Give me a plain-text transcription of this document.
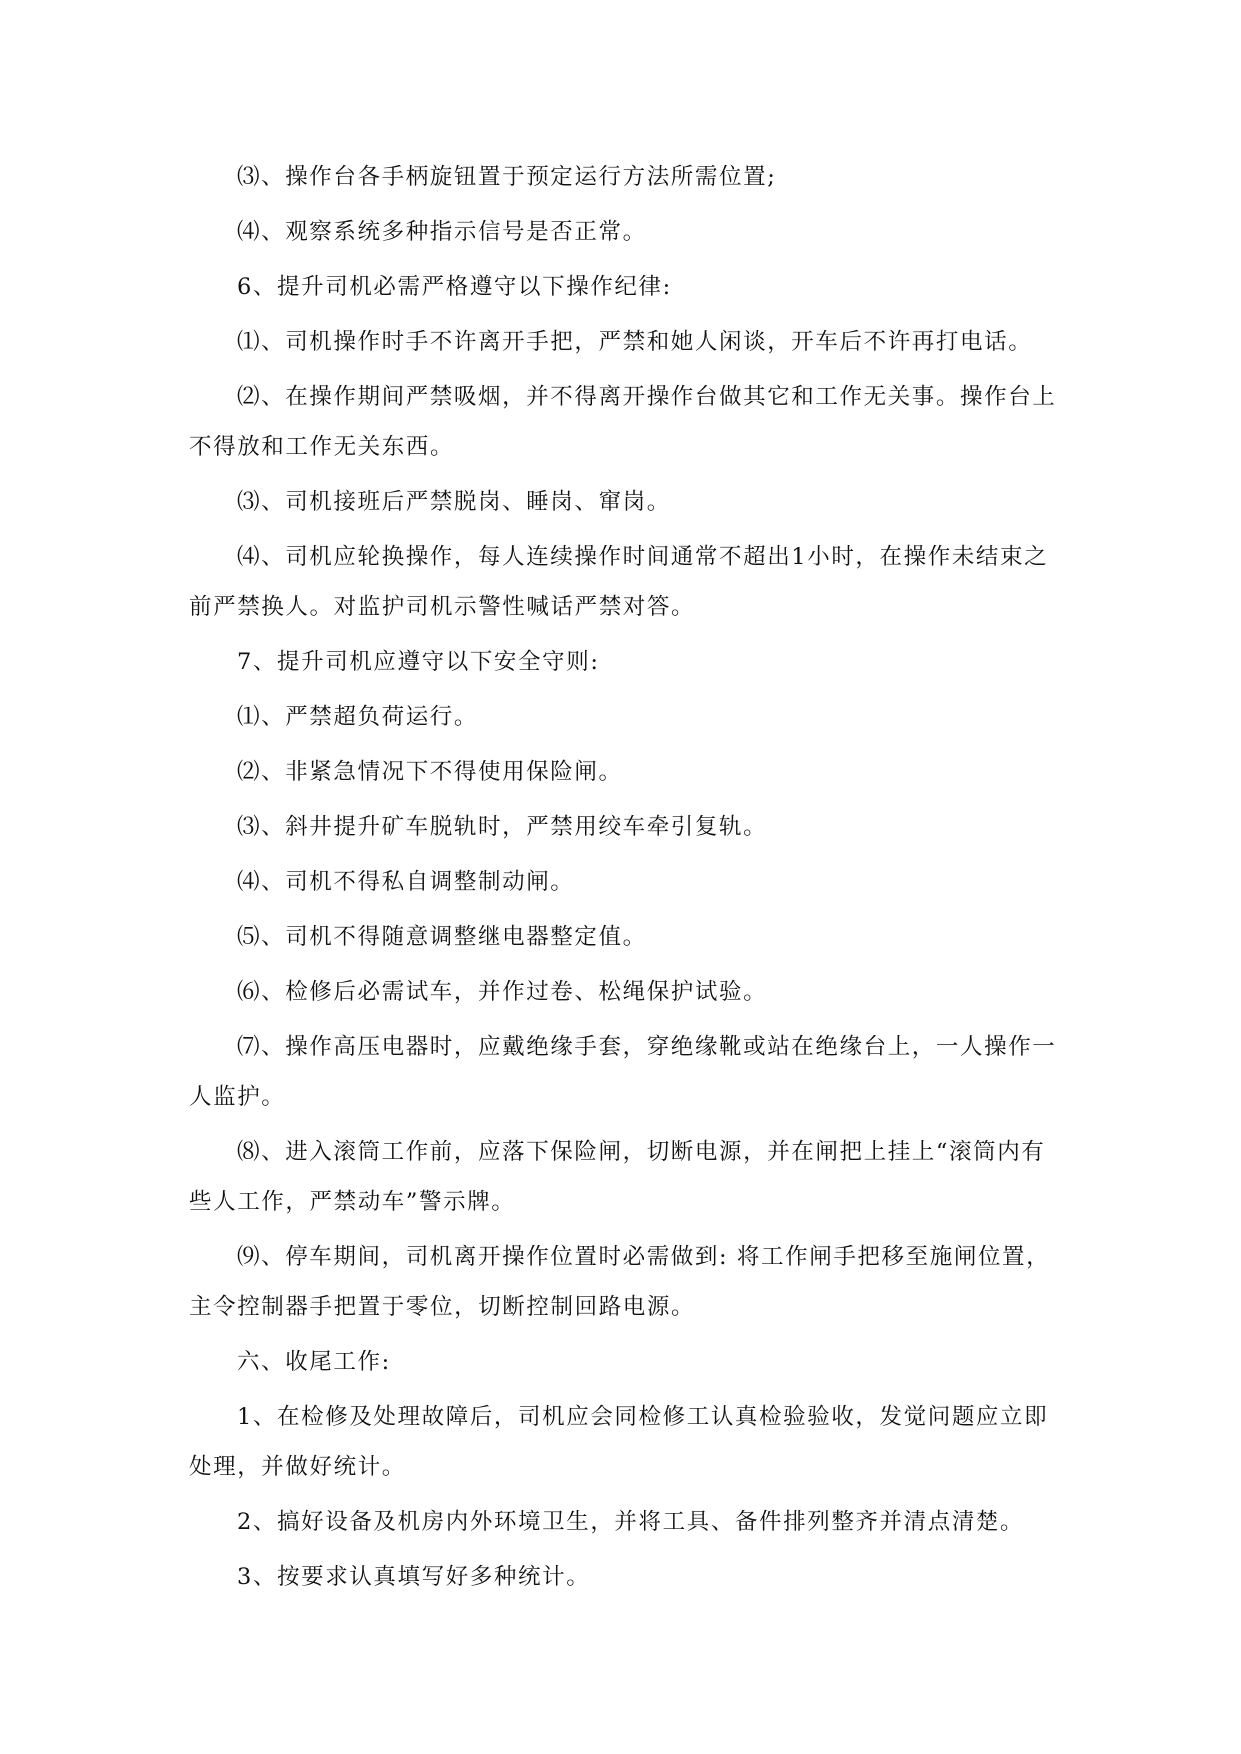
⑶、操作台各手柄旋钮置于预定运行方法所需位置;

⑷、观察系统多种指示信号是否正常。

6、提升司机必需严格遵守以下操作纪律:

⑴、司机操作时手不许离开手把，严禁和她人闲谈，开车后不许再打电话。

⑵、在操作期间严禁吸烟，并不得离开操作台做其它和工作无关事。操作台上不得放和工作无关东西。

⑶、司机接班后严禁脱岗、睡岗、窜岗。

⑷、司机应轮换操作，每人连续操作时间通常不超出1小时，在操作未结束之前严禁换人。对监护司机示警性喊话严禁对答。

7、提升司机应遵守以下安全守则:

⑴、严禁超负荷运行。

⑵、非紧急情况下不得使用保险闸。

⑶、斜井提升矿车脱轨时，严禁用绞车牵引复轨。

⑷、司机不得私自调整制动闸。

⑸、司机不得随意调整继电器整定值。

⑹、检修后必需试车，并作过卷、松绳保护试验。

⑺、操作高压电器时，应戴绝缘手套，穿绝缘靴或站在绝缘台上，一人操作一人监护。

⑻、进入滚筒工作前，应落下保险闸，切断电源，并在闸把上挂上“滚筒内有些人工作，严禁动车”警示牌。

⑼、停车期间，司机离开操作位置时必需做到: 将工作闸手把移至施闸位置，主令控制器手把置于零位，切断控制回路电源。

六、收尾工作:

1、在检修及处理故障后，司机应会同检修工认真检验验收，发觉问题应立即处理，并做好统计。

2、搞好设备及机房内外环境卫生，并将工具、备件排列整齐并清点清楚。

3、按要求认真填写好多种统计。
